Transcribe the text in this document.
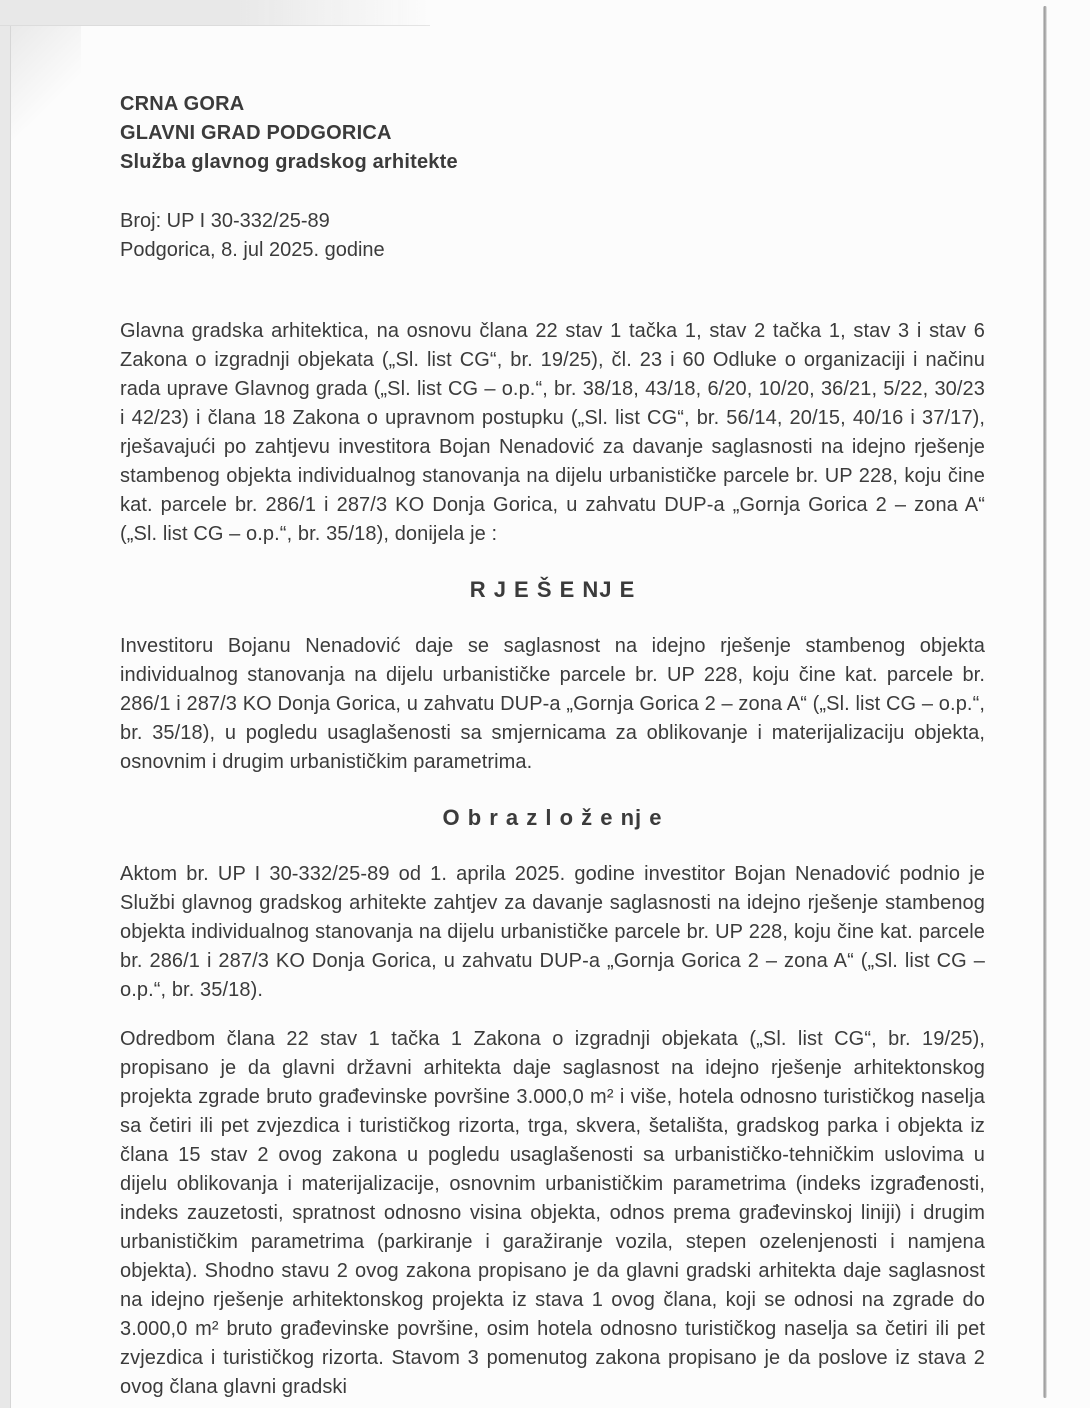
CRNA GORA
GLAVNI GRAD PODGORICA
Služba glavnog gradskog arhitekte
Broj: UP I 30-332/25-89
Podgorica, 8. jul 2025. godine

Glavna gradska arhitektica, na osnovu člana 22 stav 1 tačka 1, stav 2 tačka 1, stav 3 i stav 6 Zakona o izgradnji objekata („Sl. list CG“, br. 19/25), čl. 23 i 60 Odluke o organizaciji i načinu rada uprave Glavnog grada („Sl. list CG – o.p.“, br. 38/18, 43/18, 6/20, 10/20, 36/21, 5/22, 30/23 i 42/23) i člana 18 Zakona o upravnom postupku („Sl. list CG“, br. 56/14, 20/15, 40/16 i 37/17), rješavajući po zahtjevu investitora Bojan Nenadović za davanje saglasnosti na idejno rješenje stambenog objekta individualnog stanovanja na dijelu urbanističke parcele br. UP 228, koju čine kat. parcele br. 286/1 i 287/3 KO Donja Gorica, u zahvatu DUP-a „Gornja Gorica 2 – zona A“ („Sl. list CG – o.p.“, br. 35/18), donijela je :

R J E Š E NJ E

Investitoru Bojanu Nenadović daje se saglasnost na idejno rješenje stambenog objekta individualnog stanovanja na dijelu urbanističke parcele br. UP 228, koju čine kat. parcele br. 286/1 i 287/3 KO Donja Gorica, u zahvatu DUP-a „Gornja Gorica 2 – zona A“ („Sl. list CG – o.p.“, br. 35/18), u pogledu usaglašenosti sa smjernicama za oblikovanje i materijalizaciju objekta, osnovnim i drugim urbanističkim parametrima.

O b r a z l o ž e nj e

Aktom br. UP I 30-332/25-89 od 1. aprila 2025. godine investitor Bojan Nenadović podnio je Službi glavnog gradskog arhitekte zahtjev za davanje saglasnosti na idejno rješenje stambenog objekta individualnog stanovanja na dijelu urbanističke parcele br. UP 228, koju čine kat. parcele br. 286/1 i 287/3 KO Donja Gorica, u zahvatu DUP-a „Gornja Gorica 2 – zona A“ („Sl. list CG – o.p.“, br. 35/18).

Odredbom člana 22 stav 1 tačka 1 Zakona o izgradnji objekata („Sl. list CG“, br. 19/25), propisano je da glavni državni arhitekta daje saglasnost na idejno rješenje arhitektonskog projekta zgrade bruto građevinske površine 3.000,0 m² i više, hotela odnosno turističkog naselja sa četiri ili pet zvjezdica i turističkog rizorta, trga, skvera, šetališta, gradskog parka i objekta iz člana 15 stav 2 ovog zakona u pogledu usaglašenosti sa urbanističko-tehničkim uslovima u dijelu oblikovanja i materijalizacije, osnovnim urbanističkim parametrima (indeks izgrađenosti, indeks zauzetosti, spratnost odnosno visina objekta, odnos prema građevinskoj liniji) i drugim urbanističkim parametrima (parkiranje i garažiranje vozila, stepen ozelenjenosti i namjena objekta). Shodno stavu 2 ovog zakona propisano je da glavni gradski arhitekta daje saglasnost na idejno rješenje arhitektonskog projekta iz stava 1 ovog člana, koji se odnosi na zgrade do 3.000,0 m² bruto građevinske površine, osim hotela odnosno turističkog naselja sa četiri ili pet zvjezdica i turističkog rizorta. Stavom 3 pomenutog zakona propisano je da poslove iz stava 2 ovog člana glavni gradski
